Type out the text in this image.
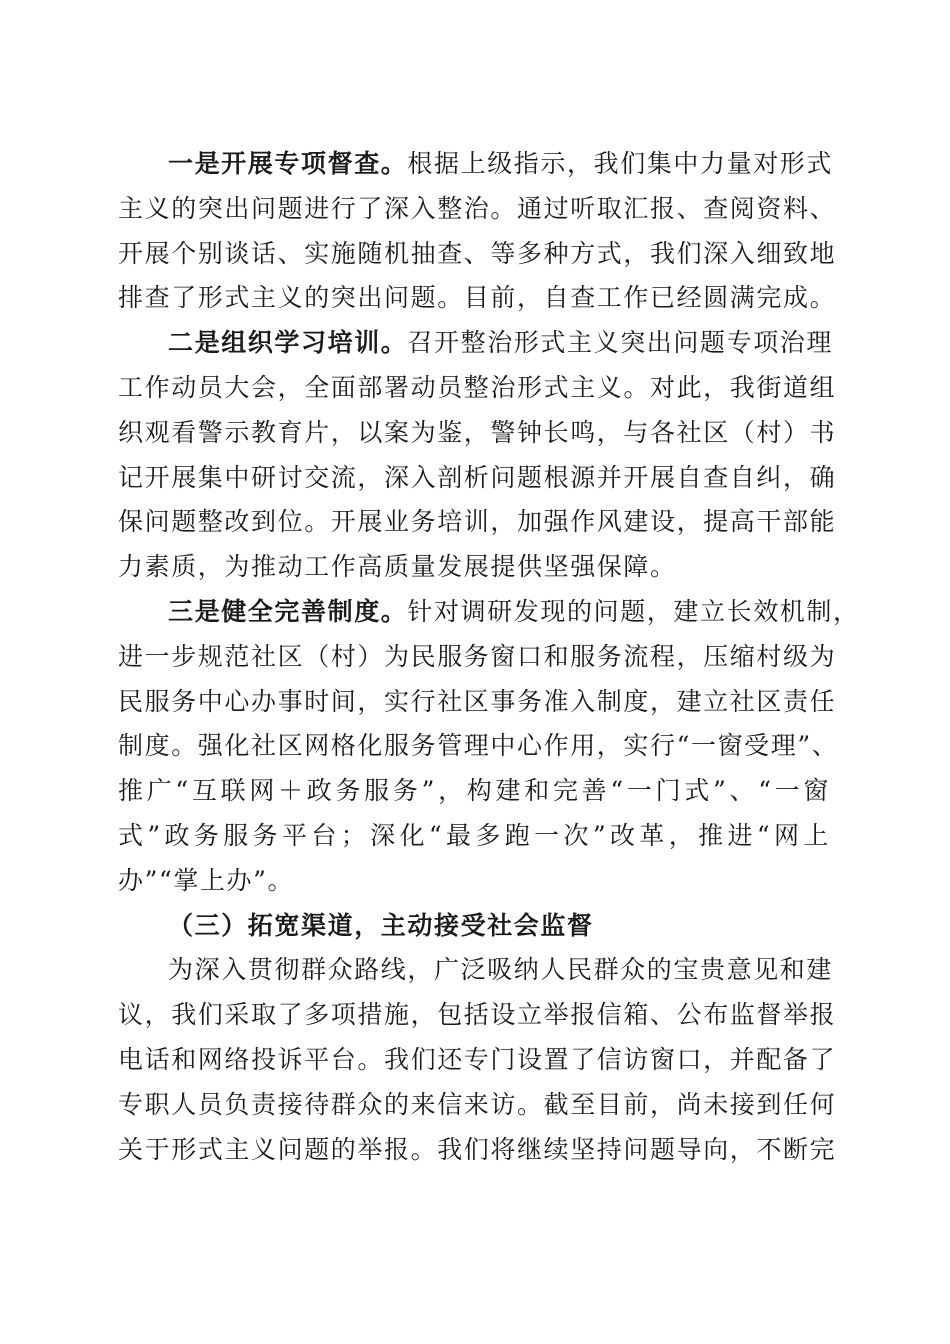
一是开展专项督查。根据上级指示，我们集中力量对形式
主义的突出问题进行了深入整治。通过听取汇报、查阅资料、
开展个别谈话、实施随机抽查、等多种方式，我们深入细致地
排查了形式主义的突出问题。目前，自查工作已经圆满完成。
二是组织学习培训。召开整治形式主义突出问题专项治理
工作动员大会，全面部署动员整治形式主义。对此，我街道组
织观看警示教育片，以案为鉴，警钟长鸣，与各社区（村）书
记开展集中研讨交流，深入剖析问题根源并开展自查自纠，确
保问题整改到位。开展业务培训，加强作风建设，提高干部能
力素质，为推动工作高质量发展提供坚强保障。
三是健全完善制度。针对调研发现的问题，建立长效机制，
进一步规范社区（村）为民服务窗口和服务流程，压缩村级为
民服务中心办事时间，实行社区事务准入制度，建立社区责任
制度。强化社区网格化服务管理中心作用，实行“一窗受理”、
推广“互联网＋政务服务”，构建和完善“一门式”、“一窗
式”政务服务平台；深化“最多跑一次”改革，推进“网上
办”“掌上办”。
（三）拓宽渠道，主动接受社会监督
为深入贯彻群众路线，广泛吸纳人民群众的宝贵意见和建
议，我们采取了多项措施，包括设立举报信箱、公布监督举报
电话和网络投诉平台。我们还专门设置了信访窗口，并配备了
专职人员负责接待群众的来信来访。截至目前，尚未接到任何
关于形式主义问题的举报。我们将继续坚持问题导向，不断完
